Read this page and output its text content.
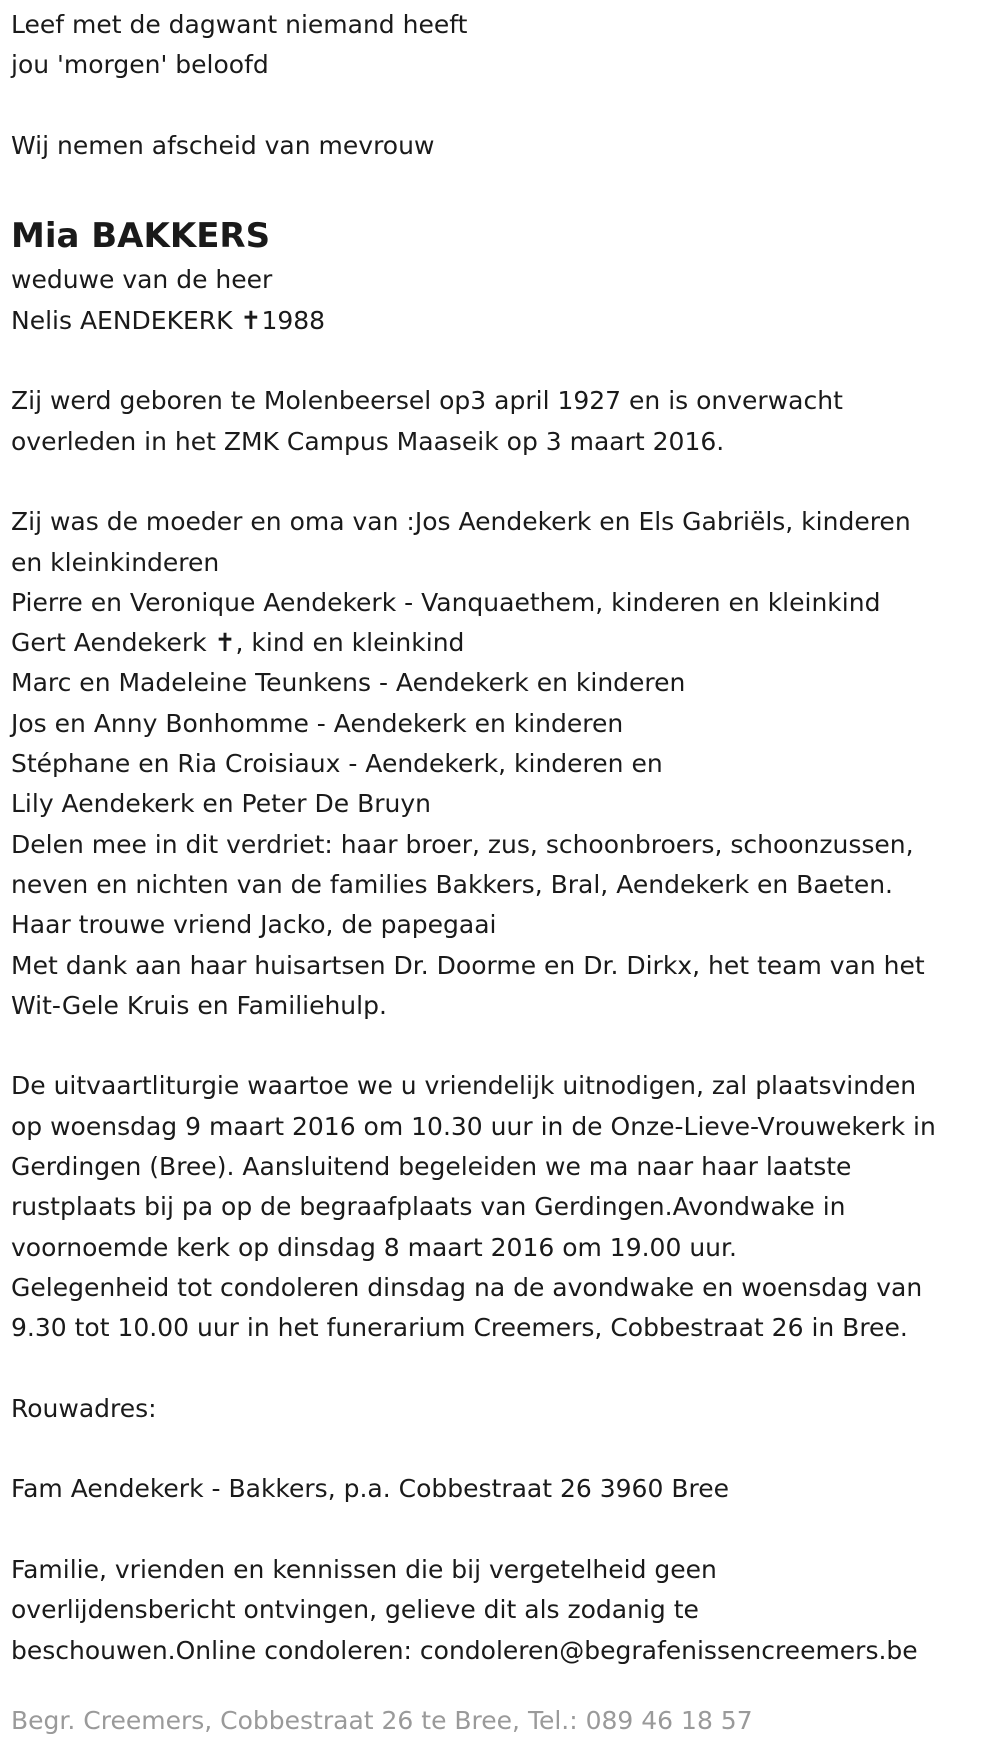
Leef met de dagwant niemand heeft
jou 'morgen' beloofd
Wij nemen afscheid van mevrouw
Mia BAKKERS
weduwe van de heer
Nelis AENDEKERK ✝1988
Zij werd geboren te Molenbeersel op3 april 1927 en is onverwacht
overleden in het ZMK Campus Maaseik op 3 maart 2016.
Zij was de moeder en oma van :Jos Aendekerk en Els Gabriëls, kinderen
en kleinkinderen
Pierre en Veronique Aendekerk - Vanquaethem, kinderen en kleinkind
Gert Aendekerk ✝, kind en kleinkind
Marc en Madeleine Teunkens - Aendekerk en kinderen
Jos en Anny Bonhomme - Aendekerk en kinderen
Stéphane en Ria Croisiaux - Aendekerk, kinderen en
Lily Aendekerk en Peter De Bruyn
Delen mee in dit verdriet: haar broer, zus, schoonbroers, schoonzussen,
neven en nichten van de families Bakkers, Bral, Aendekerk en Baeten.
Haar trouwe vriend Jacko, de papegaai
Met dank aan haar huisartsen Dr. Doorme en Dr. Dirkx, het team van het
Wit-Gele Kruis en Familiehulp.
De uitvaartliturgie waartoe we u vriendelijk uitnodigen, zal plaatsvinden
op woensdag 9 maart 2016 om 10.30 uur in de Onze-Lieve-Vrouwekerk in
Gerdingen (Bree). Aansluitend begeleiden we ma naar haar laatste
rustplaats bij pa op de begraafplaats van Gerdingen.Avondwake in
voornoemde kerk op dinsdag 8 maart 2016 om 19.00 uur.
Gelegenheid tot condoleren dinsdag na de avondwake en woensdag van
9.30 tot 10.00 uur in het funerarium Creemers, Cobbestraat 26 in Bree.
Rouwadres:
Fam Aendekerk - Bakkers, p.a. Cobbestraat 26 3960 Bree
Familie, vrienden en kennissen die bij vergetelheid geen
overlijdensbericht ontvingen, gelieve dit als zodanig te
beschouwen.Online condoleren: condoleren@begrafenissencreemers.be
Begr. Creemers, Cobbestraat 26 te Bree, Tel.: 089 46 18 57
